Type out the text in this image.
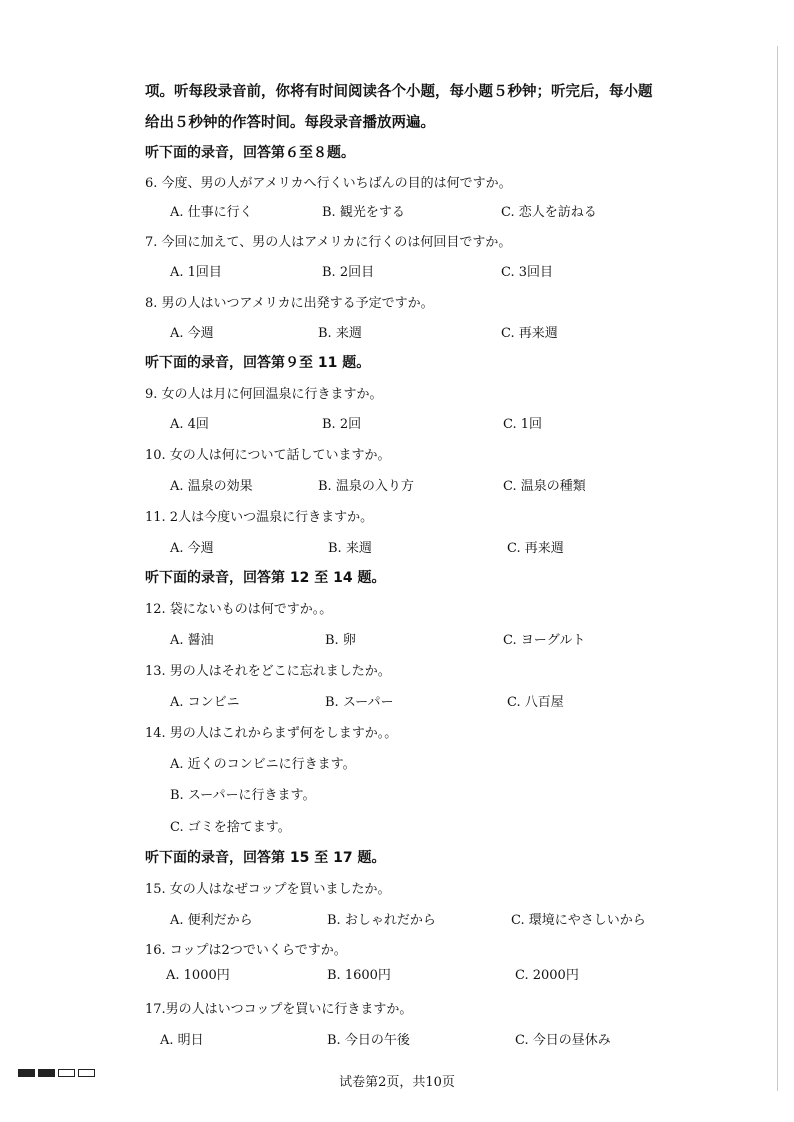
项。听每段录音前，你将有时间阅读各个小题，每小题５秒钟；听完后，每小题
给出５秒钟的作答时间。每段录音播放两遍。
听下面的录音，回答第６至８题。
6. 今度、男の人がアメリカへ行くいちばんの目的は何ですか。
A. 仕事に行く	B. 観光をする	C. 恋人を訪ねる
7. 今回に加えて、男の人はアメリカに行くのは何回目ですか。
A. 1回目	B. 2回目	C. 3回目
8. 男の人はいつアメリカに出発する予定ですか。
A. 今週	B. 来週	C. 再来週
听下面的录音，回答第９至 11 题。
9. 女の人は月に何回温泉に行きますか。
A. 4回	B. 2回	C. 1回
10. 女の人は何について話していますか。
A. 温泉の効果	B. 温泉の入り方	C. 温泉の種類
11. 2人は今度いつ温泉に行きますか。
A. 今週	B. 来週	C. 再来週
听下面的录音，回答第 12 至 14 题。
12. 袋にないものは何ですか。。
A. 醤油	B. 卵	C. ヨーグルト
13. 男の人はそれをどこに忘れましたか。
A. コンビニ	B. スーパー	C. 八百屋
14. 男の人はこれからまず何をしますか。。
A. 近くのコンビニに行きます。
B. スーパーに行きます。
C. ゴミを捨てます。
听下面的录音，回答第 15 至 17 题。
15. 女の人はなぜコップを買いましたか。
A. 便利だから	B. おしゃれだから	C. 環境にやさしいから
16. コップは2つでいくらですか。
A. 1000円	B. 1600円	C. 2000円
17.男の人はいつコップを買いに行きますか。
A. 明日	B. 今日の午後	C. 今日の昼休み
试卷第2页，共10页
